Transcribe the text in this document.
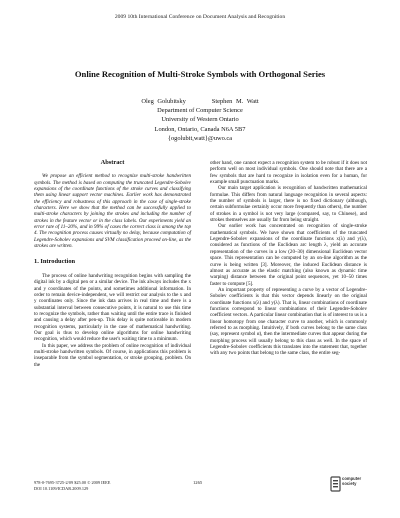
2009 10th International Conference on Document Analysis and Recognition
Online Recognition of Multi-Stroke Symbols with Orthogonal Series
Oleg Golubitsky	Stephen M. Watt
Department of Computer Science
University of Western Ontario
London, Ontario, Canada N6A 5B7
{ogolubit,watt}@uwo.ca
Abstract

We propose an efficient method to recognize multi-stroke handwritten symbols. The method is based on computing the truncated Legendre-Sobolev expansions of the coordinate functions of the stroke curves and classifying them using linear support vector machines. Earlier work has demonstrated the efficiency and robustness of this approach in the case of single-stroke characters. Here we show that the method can be successfully applied to multi-stroke characters by joining the strokes and including the number of strokes in the feature vector or in the class labels. Our experiments yield an error rate of 11–20%, and in 99% of cases the correct class is among the top 4. The recognition process causes virtually no delay, because computation of Legendre-Sobolev expansions and SVM classification proceed on-line, as the strokes are written.

1. Introduction

The process of online handwriting recognition begins with sampling the digital ink by a digital pen or a similar device. The ink always includes the x and y coordinates of the points, and sometimes additional information. In order to remain device-independent, we will restrict our analysis to the x and y coordinates only. Since the ink data arrives in real time and there is a substantial interval between consecutive points, it is natural to use this time to recognize the symbols, rather than waiting until the entire trace is finished and causing a delay after pen-up. This delay is quite noticeable in modern recognition systems, particularly in the case of mathematical handwriting. Our goal is thus to develop online algorithms for online handwriting recognition, which would reduce the user's waiting time to a minimum.

In this paper, we address the problem of online recognition of individual multi-stroke handwritten symbols. Of course, in applications this problem is inseparable from the symbol segmentation, or stroke grouping, problem. On the

other hand, one cannot expect a recognition system to be robust if it does not perform well on most individual symbols. One should note that there are a few symbols that are hard to recognize in isolation even for a human, for example small punctuation marks.

Our main target application is recognition of handwritten mathematical formulae. This differs from natural language recognition in several aspects: the number of symbols is larger, there is no fixed dictionary (although, certain subformulae certainly occur more frequently than others), the number of strokes in a symbol is not very large (compared, say, to Chinese), and strokes themselves are usually far from being straight.

Our earlier work has concentrated on recognition of single-stroke mathematical symbols. We have shown that coefficients of the truncated Legendre-Sobolev expansions of the coordinate functions x(λ) and y(λ), considered as functions of the Euclidean arc length λ, yield an accurate representation of the curves in a low (20–30) dimensional Euclidean vector space. This representation can be computed by an on-line algorithm as the curve is being written [3]. Moreover, the induced Euclidean distance is almost as accurate as the elastic matching (also known as dynamic time warping) distance between the original point sequences, yet 10–50 times faster to compute [5].

An important property of representing a curve by a vector of Legendre-Sobolev coefficients is that this vector depends linearly on the original coordinate functions x(λ) and y(λ). That is, linear combinations of coordinate functions correspond to linear combinations of their Legendre-Sobolev coefficient vectors. A particular linear combination that is of interest to us is a linear homotopy from one character curve to another, which is commonly referred to as morphing. Intuitively, if both curves belong to the same class (say, represent symbol α), then the intermediate curves that appear during the morphing process will usually belong to this class as well. In the space of Legendre-Sobolev coefficients this translates into the statement that, together with any two points that belong to the same class, the entire seg-

978-0-7695-3725-2/09 $25.00 © 2009 IEEE
DOI 10.1109/ICDAR.2009.129
1265
computer society
